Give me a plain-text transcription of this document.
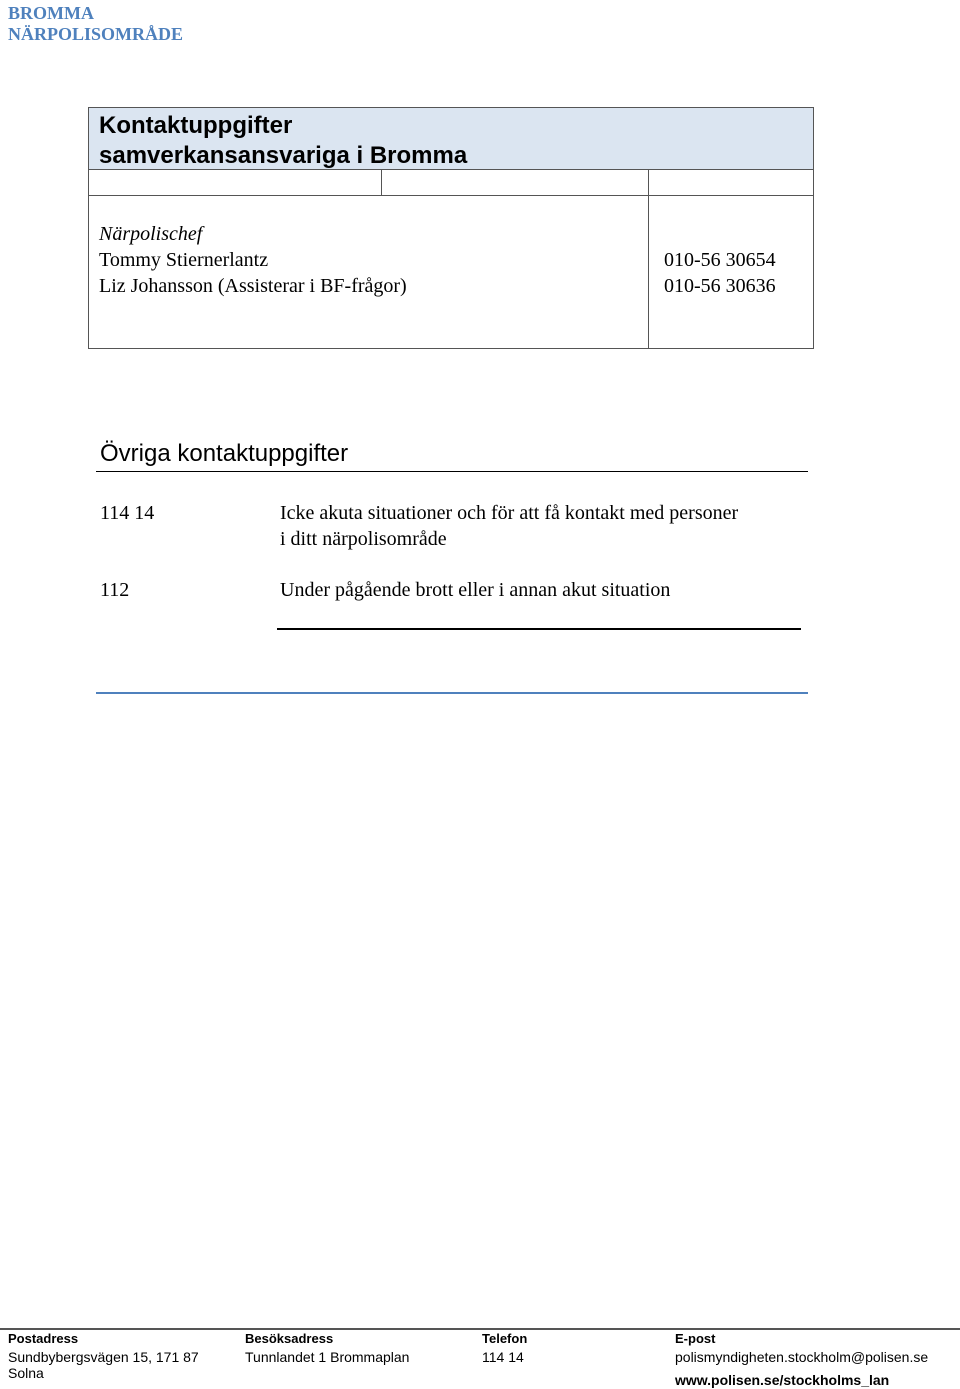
BROMMA
NÄRPOLISOMRÅDE
Kontaktuppgifter
samverkansansvariga i Bromma
Närpolischef
Tommy Stiernerlantz
Liz Johansson (Assisterar i BF-frågor)
010-56 30654
010-56 30636
Övriga kontaktuppgifter
114 14	Icke akuta situationer och för att få kontakt med personer
i ditt närpolisområde
112	Under pågående brott eller i annan akut situation
Postadress
Sundbybergsvägen 15, 171 87
Solna
Besöksadress
Tunnlandet 1 Brommaplan
Telefon
114 14
E-post
polismyndigheten.stockholm@polisen.se
www.polisen.se/stockholms_lan
